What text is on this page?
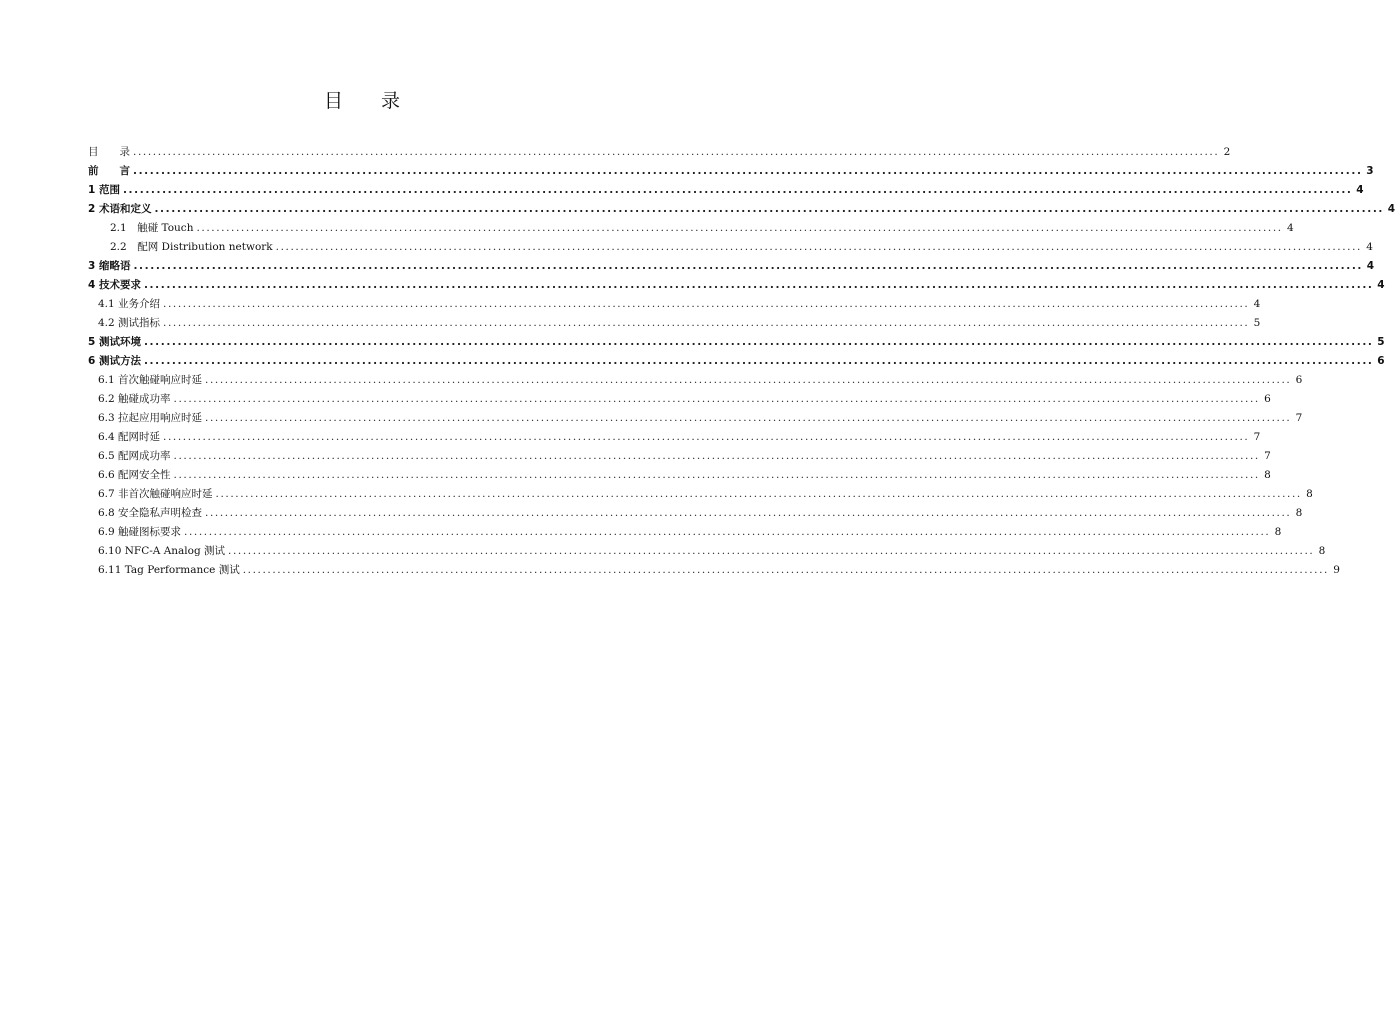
目 录
目　　录 ............................................................................................................................................................................................................................ 2
前　　言 ............................................................................................................................................................................................................................ 3
1 范围 ............................................................................................................................................................................................................................ 4
2 术语和定义 ............................................................................................................................................................................................................................ 4
2.1　触碰 Touch ............................................................................................................................................................................................................................ 4
2.2　配网 Distribution network ............................................................................................................................................................................................................................ 4
3 缩略语 ............................................................................................................................................................................................................................ 4
4 技术要求 ............................................................................................................................................................................................................................ 4
4.1 业务介绍 ............................................................................................................................................................................................................................ 4
4.2 测试指标 ............................................................................................................................................................................................................................ 5
5 测试环境 ............................................................................................................................................................................................................................ 5
6 测试方法 ............................................................................................................................................................................................................................ 6
6.1 首次触碰响应时延 ............................................................................................................................................................................................................................ 6
6.2 触碰成功率 ............................................................................................................................................................................................................................ 6
6.3 拉起应用响应时延 ............................................................................................................................................................................................................................ 7
6.4 配网时延 ............................................................................................................................................................................................................................ 7
6.5 配网成功率 ............................................................................................................................................................................................................................ 7
6.6 配网安全性 ............................................................................................................................................................................................................................ 8
6.7 非首次触碰响应时延 ............................................................................................................................................................................................................................ 8
6.8 安全隐私声明检查 ............................................................................................................................................................................................................................ 8
6.9 触碰图标要求 ............................................................................................................................................................................................................................ 8
6.10 NFC-A Analog 测试 ............................................................................................................................................................................................................................ 8
6.11 Tag Performance 测试 ............................................................................................................................................................................................................................ 9
